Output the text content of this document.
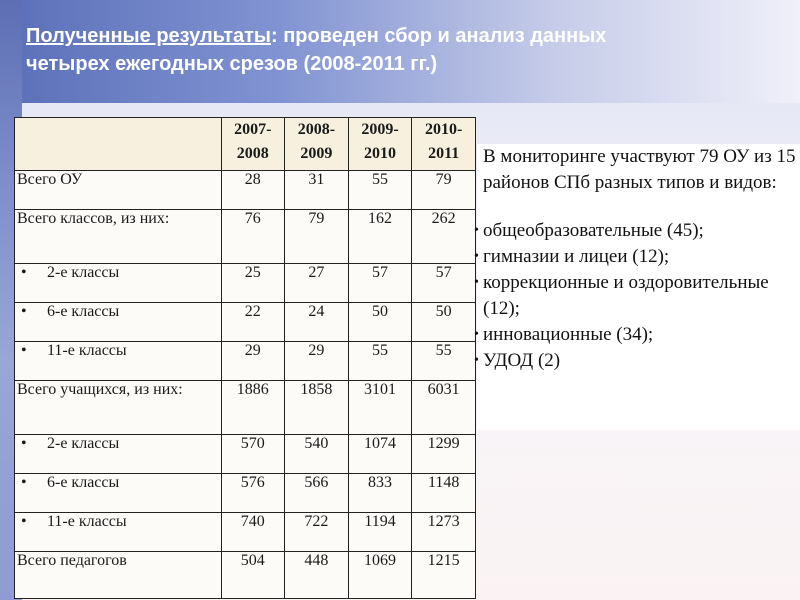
Полученные результаты: проведен сбор и анализ данных
четырех ежегодных срезов (2008-2011 гг.)
	2007-2008	2008-2009	2009-2010	2010-2011
Всего ОУ	28	31	55	79
Всего классов, из них:	76	79	162	262
• 2-е классы	25	27	57	57
• 6-е классы	22	24	50	50
• 11-е классы	29	29	55	55
Всего учащихся, из них:	1886	1858	3101	6031
• 2-е классы	570	540	1074	1299
• 6-е классы	576	566	833	1148
• 11-е классы	740	722	1194	1273
Всего педагогов	504	448	1069	1215

В мониторинге участвуют 79 ОУ из 15 районов СПб разных типов и видов:

• общеобразовательные (45);
• гимназии и лицеи (12);
• коррекционные и оздоровительные (12);
• инновационные (34);
• УДОД (2)
